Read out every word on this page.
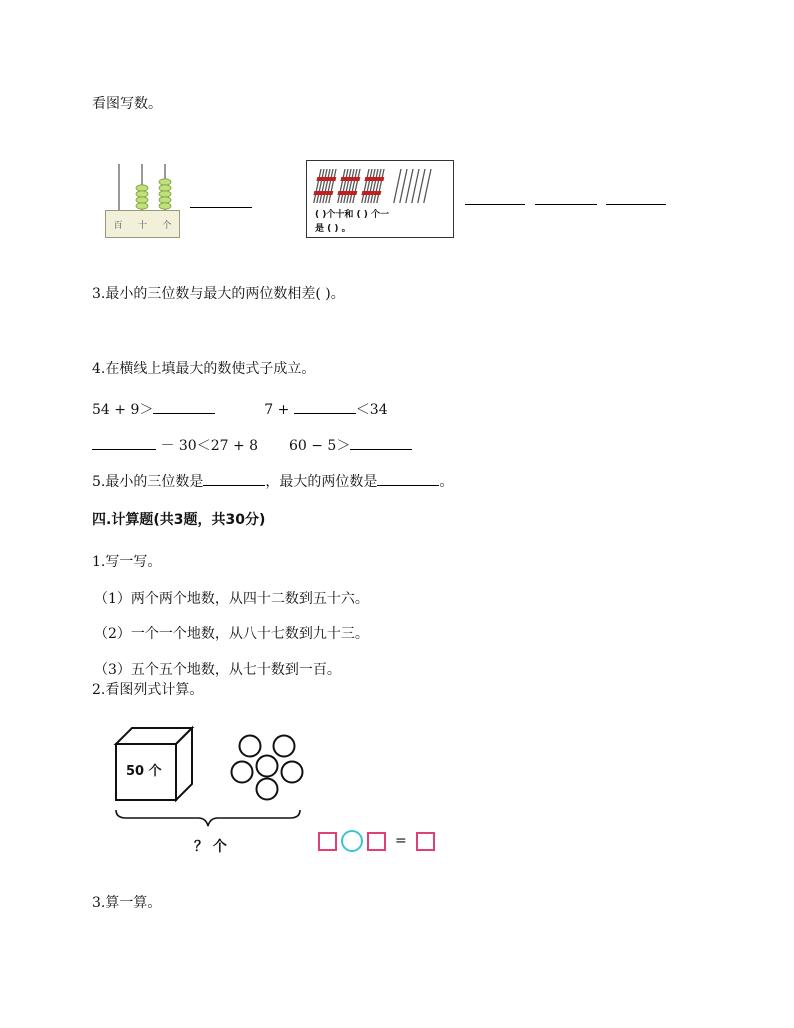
看图写数。
百 十 个
( )个十和 ( ) 个一
是 ( ) 。
3.最小的三位数与最大的两位数相差( )。
4.在横线上填最大的数使式子成立。
54 + 9＞	7 +	＜34
－ 30＜27 + 8 60 − 5＞
5.最小的三位数是	，最大的两位数是	。
四.计算题(共3题，共30分)
1.写一写。
（1）两个两个地数，从四十二数到五十六。
（2）一个一个地数，从八十七数到九十三。
（3）五个五个地数，从七十数到一百。
2.看图列式计算。
50 个
？ 个	=
3.算一算。
